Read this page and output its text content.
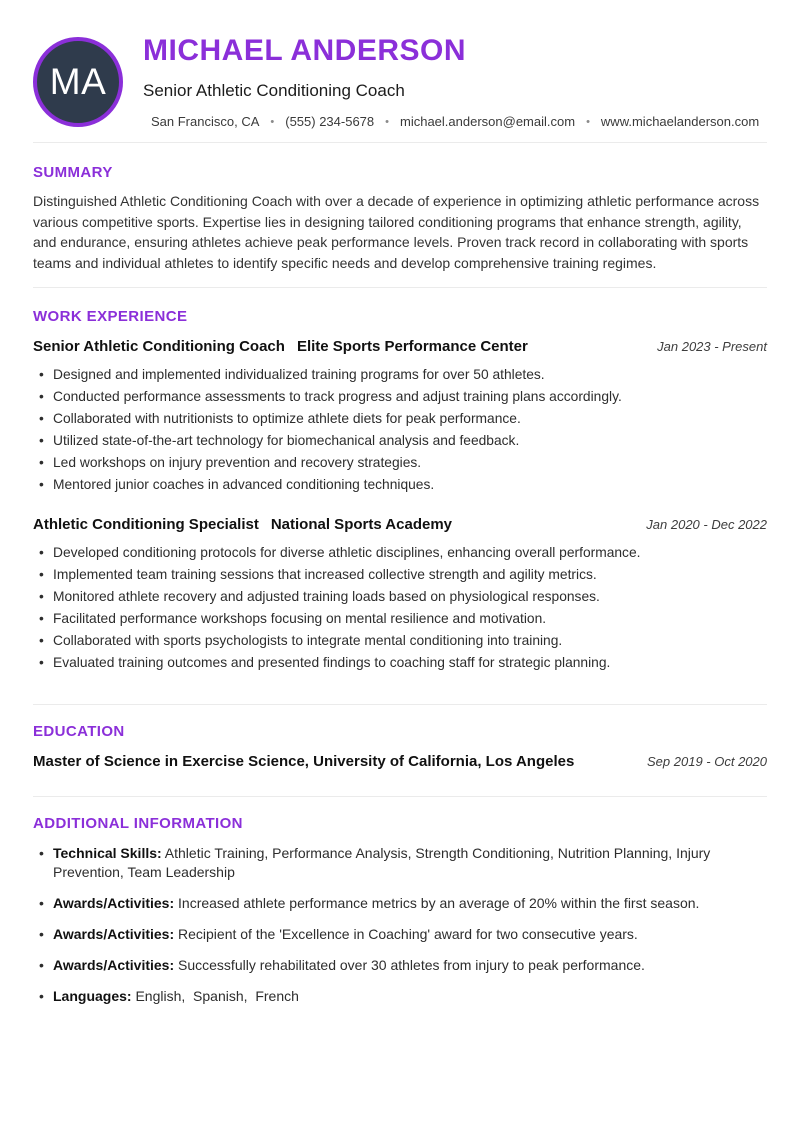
MA
MICHAEL ANDERSON
Senior Athletic Conditioning Coach
San Francisco, CA • (555) 234-5678 • michael.anderson@email.com • www.michaelanderson.com
SUMMARY

Distinguished Athletic Conditioning Coach with over a decade of experience in optimizing athletic performance across various competitive sports. Expertise lies in designing tailored conditioning programs that enhance strength, agility, and endurance, ensuring athletes achieve peak performance levels. Proven track record in collaborating with sports teams and individual athletes to identify specific needs and develop comprehensive training regimes.

WORK EXPERIENCE
Senior Athletic Conditioning Coach Elite Sports Performance Center	Jan 2023 - Present
• Designed and implemented individualized training programs for over 50 athletes.
• Conducted performance assessments to track progress and adjust training plans accordingly.
• Collaborated with nutritionists to optimize athlete diets for peak performance.
• Utilized state-of-the-art technology for biomechanical analysis and feedback.
• Led workshops on injury prevention and recovery strategies.
• Mentored junior coaches in advanced conditioning techniques.
Athletic Conditioning Specialist National Sports Academy	Jan 2020 - Dec 2022
• Developed conditioning protocols for diverse athletic disciplines, enhancing overall performance.
• Implemented team training sessions that increased collective strength and agility metrics.
• Monitored athlete recovery and adjusted training loads based on physiological responses.
• Facilitated performance workshops focusing on mental resilience and motivation.
• Collaborated with sports psychologists to integrate mental conditioning into training.
• Evaluated training outcomes and presented findings to coaching staff for strategic planning.
EDUCATION
Master of Science in Exercise Science, University of California, Los Angeles	Sep 2019 - Oct 2020
ADDITIONAL INFORMATION
• Technical Skills: Athletic Training, Performance Analysis, Strength Conditioning, Nutrition Planning, Injury Prevention, Team Leadership
• Awards/Activities: Increased athlete performance metrics by an average of 20% within the first season.
• Awards/Activities: Recipient of the 'Excellence in Coaching' award for two consecutive years.
• Awards/Activities: Successfully rehabilitated over 30 athletes from injury to peak performance.
• Languages: English,  Spanish,  French
